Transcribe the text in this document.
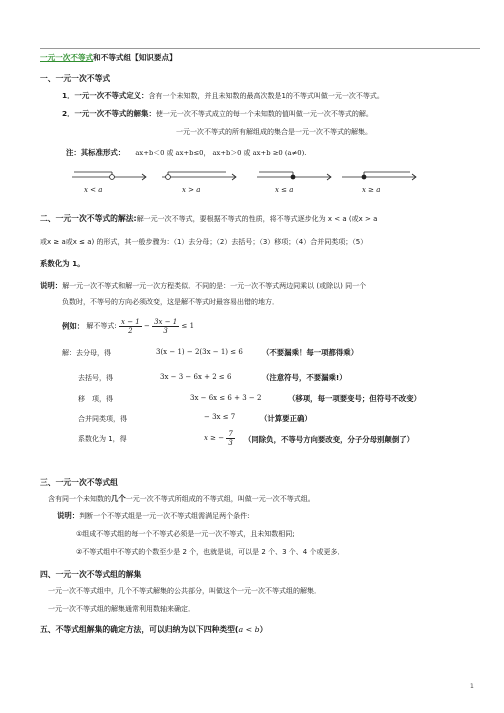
一元一次不等式和不等式组【知识要点】
一、一元一次不等式
1．一元一次不等式定义：含有一个未知数，并且未知数的最高次数是1的不等式叫做一元一次不等式。
2．一元一次不等式的解集：使一元一次不等式成立的每一个未知数的值叫做一元一次不等式的解。
一元一次不等式的所有解组成的集合是一元一次不等式的解集。
注：其标准形式： ax+b＜0 或 ax+b≤0， ax+b＞0 或 ax+b ≥0 (a≠0).
x < a	x > a	x ≤ a	x ≥ a
二、一元一次不等式的解法:解一元一次不等式，要根据不等式的性质，将不等式逐步化为 x < a (或x > a
或x ≥ a或x ≤ a) 的形式，其一般步骤为：（1）去分母；（2）去括号；（3）移项；（4）合并同类项；（5）
系数化为 1。
说明：解一元一次不等式和解一元一次方程类似．不同的是：一元一次不等式两边同乘以 (或除以) 同一个
负数时，不等号的方向必须改变，这是解不等式时最容易出错的地方．
例如： 解不等式: $\frac{x - 1}{2} - \frac{3x - 1}{3} \le 1$
解：去分母，得	3(x − 1) − 2(3x − 1) ≤ 6	（不要漏乘！每一项都得乘）
去括号，得	3x − 3 − 6x + 2 ≤ 6	（注意符号，不要漏乘!）
移　项，得	3x − 6x ≤ 6 + 3 − 2	（移项，每一项要变号；但符号不改变）
合并同类项，得	− 3x ≤ 7	（计算要正确）
系数化为 1，得	x ≥ − $\frac{7}{3}$ （同除负，不等号方向要改变，分子分母别颠倒了）
三、一元一次不等式组
含有同一个未知数的几个一元一次不等式所组成的不等式组，叫做一元一次不等式组。
说明：判断一个不等式组是一元一次不等式组需满足两个条件:
①组成不等式组的每一个不等式必须是一元一次不等式，且未知数相同;
②不等式组中不等式的个数至少是 2 个，也就是说，可以是 2 个、3 个、4 个或更多．
四、一元一次不等式组的解集
一元一次不等式组中，几个不等式解集的公共部分，叫做这个一元一次不等式组的解集．
一元一次不等式组的解集通常利用数轴来确定．
五、不等式组解集的确定方法，可以归纳为以下四种类型(a < b）
1
